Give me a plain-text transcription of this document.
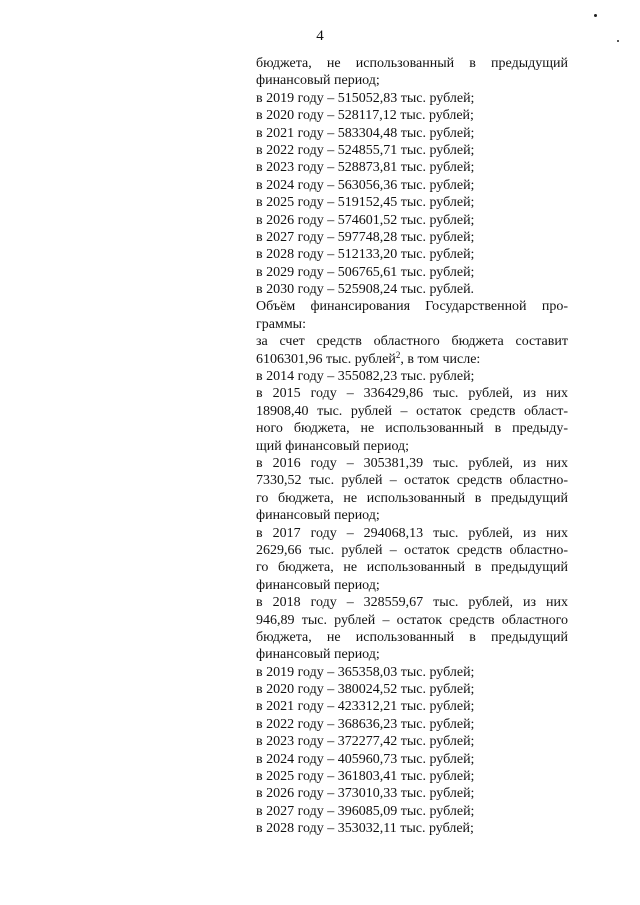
4
бюджета, не использованный в предыдущий
финансовый период;
в 2019 году – 515052,83 тыс. рублей;
в 2020 году – 528117,12 тыс. рублей;
в 2021 году – 583304,48 тыс. рублей;
в 2022 году – 524855,71 тыс. рублей;
в 2023 году – 528873,81 тыс. рублей;
в 2024 году – 563056,36 тыс. рублей;
в 2025 году – 519152,45 тыс. рублей;
в 2026 году – 574601,52 тыс. рублей;
в 2027 году – 597748,28 тыс. рублей;
в 2028 году – 512133,20 тыс. рублей;
в 2029 году – 506765,61 тыс. рублей;
в 2030 году – 525908,24 тыс. рублей.
Объём финансирования Государственной про-
граммы:
за счет средств областного бюджета составит
6106301,96 тыс. рублей$^2$, в том числе:
в 2014 году – 355082,23 тыс. рублей;
в 2015 году – 336429,86 тыс. рублей, из них
18908,40 тыс. рублей – остаток средств област-
ного бюджета, не использованный в предыду-
щий финансовый период;
в 2016 году – 305381,39 тыс. рублей, из них
7330,52 тыс. рублей – остаток средств областно-
го бюджета, не использованный в предыдущий
финансовый период;
в 2017 году – 294068,13 тыс. рублей, из них
2629,66 тыс. рублей – остаток средств областно-
го бюджета, не использованный в предыдущий
финансовый период;
в 2018 году – 328559,67 тыс. рублей, из них
946,89 тыс. рублей – остаток средств областного
бюджета, не использованный в предыдущий
финансовый период;
в 2019 году – 365358,03 тыс. рублей;
в 2020 году – 380024,52 тыс. рублей;
в 2021 году – 423312,21 тыс. рублей;
в 2022 году – 368636,23 тыс. рублей;
в 2023 году – 372277,42 тыс. рублей;
в 2024 году – 405960,73 тыс. рублей;
в 2025 году – 361803,41 тыс. рублей;
в 2026 году – 373010,33 тыс. рублей;
в 2027 году – 396085,09 тыс. рублей;
в 2028 году – 353032,11 тыс. рублей;
